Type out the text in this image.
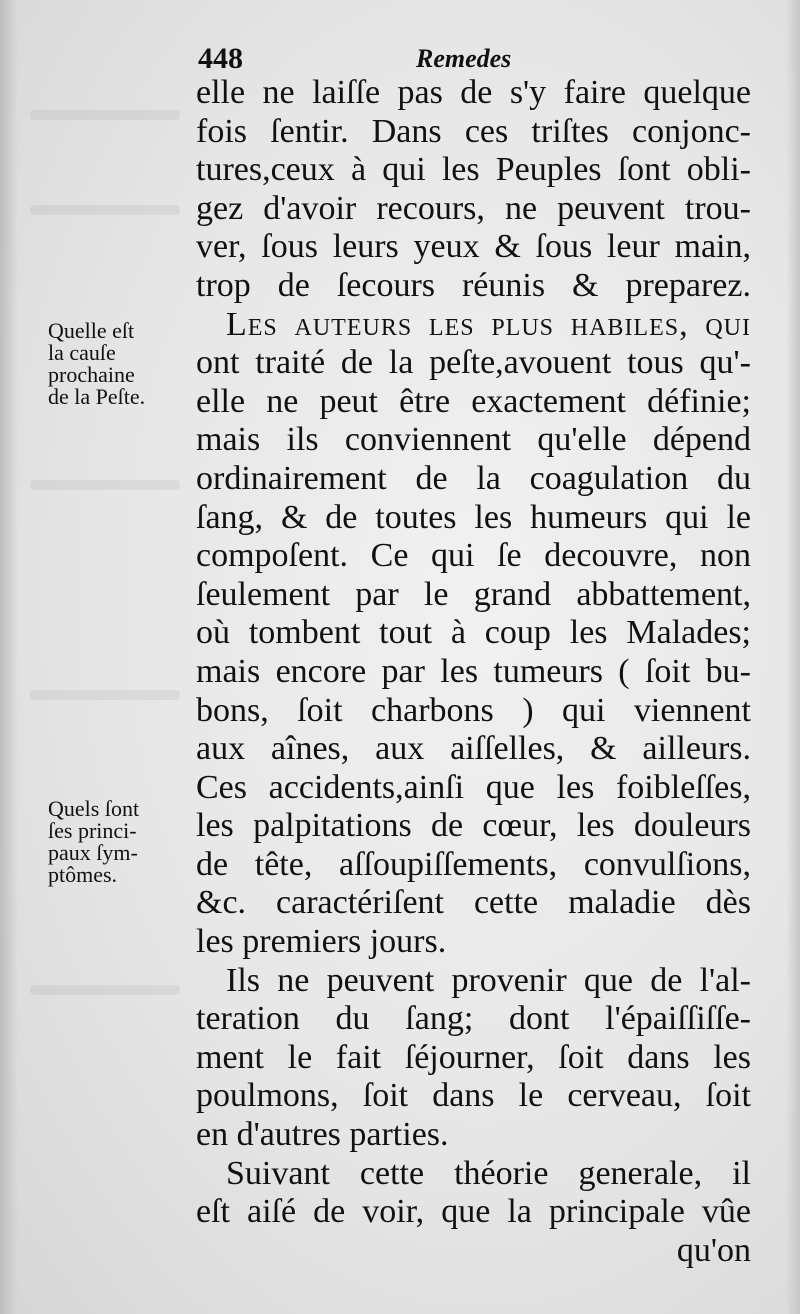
448	Remedes
Quelle eſt
la cauſe
prochaine
de la Peſte.
Quels ſont
ſes princi-
paux ſym-
ptômes.
elle ne laiſſe pas de s'y faire quelque
fois ſentir. Dans ces triſtes conjonc-
tures,ceux à qui les Peuples ſont obli-
gez d'avoir recours, ne peuvent trou-
ver, ſous leurs yeux & ſous leur main,
trop de ſecours réunis & preparez.
Les auteurs les plus habiles, qui
ont traité de la peſte,avouent tous qu'-
elle ne peut être exactement définie;
mais ils conviennent qu'elle dépend
ordinairement de la coagulation du
ſang, & de toutes les humeurs qui le
compoſent. Ce qui ſe decouvre, non
ſeulement par le grand abbattement,
où tombent tout à coup les Malades;
mais encore par les tumeurs ( ſoit bu-
bons, ſoit charbons ) qui viennent
aux aînes, aux aiſſelles, & ailleurs.
Ces accidents,ainſi que les foibleſſes,
les palpitations de cœur, les douleurs
de tête, aſſoupiſſements, convulſions,
&c. caractériſent cette maladie dès
les premiers jours.
Ils ne peuvent provenir que de l'al-
teration du ſang; dont l'épaiſſiſſe-
ment le fait ſéjourner, ſoit dans les
poulmons, ſoit dans le cerveau, ſoit
en d'autres parties.
Suivant cette théorie generale, il
eſt aiſé de voir, que la principale vûe
qu'on
